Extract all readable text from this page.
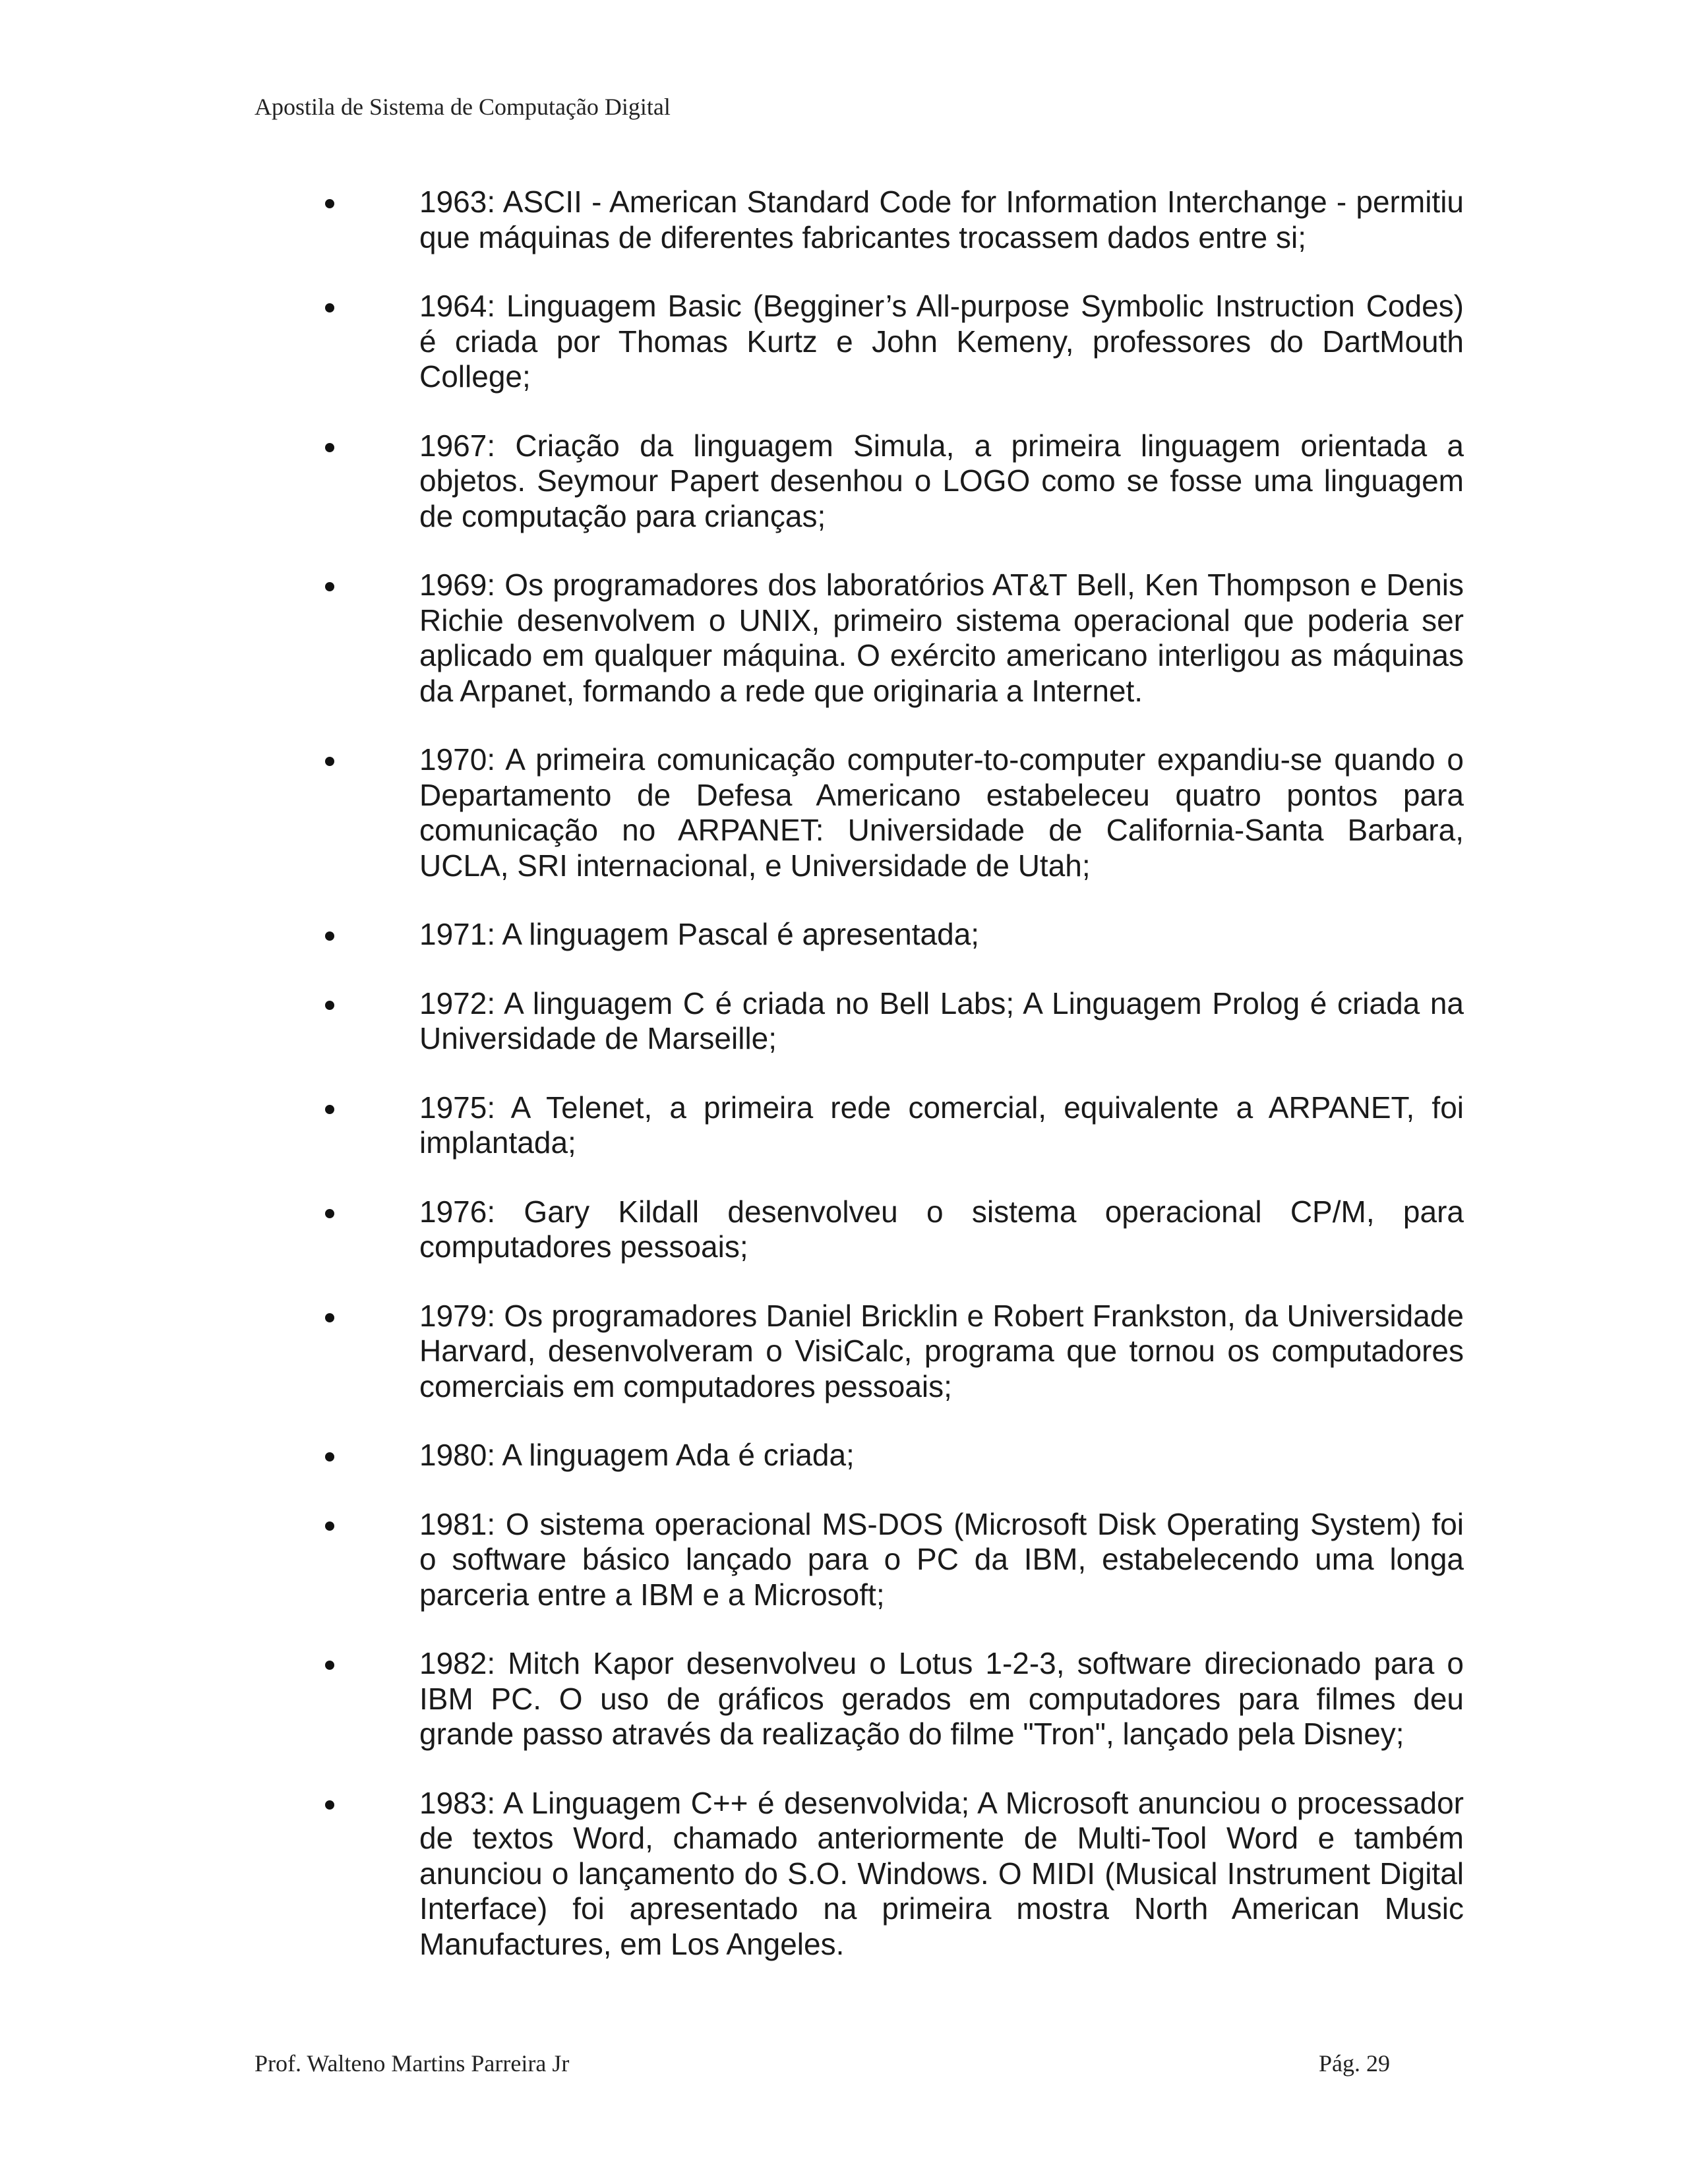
Apostila de Sistema de Computação Digital
1963: ASCII - American Standard Code for Information Interchange - permitiu que máquinas de diferentes fabricantes trocassem dados entre si;
1964: Linguagem Basic (Begginer’s All-purpose Symbolic Instruction Codes) é criada por Thomas Kurtz e John Kemeny, professores do DartMouth College;
1967: Criação da linguagem Simula, a primeira linguagem orientada a objetos. Seymour Papert desenhou o LOGO como se fosse uma linguagem de computação para crianças;
1969: Os programadores dos laboratórios AT&T Bell, Ken Thompson e Denis Richie desenvolvem o UNIX, primeiro sistema operacional que poderia ser aplicado em qualquer máquina. O exército americano interligou as máquinas da Arpanet, formando a rede que originaria a Internet.
1970: A primeira comunicação computer-to-computer expandiu-se quando o Departamento de Defesa Americano estabeleceu quatro pontos para comunicação no ARPANET: Universidade de California-Santa Barbara, UCLA, SRI internacional, e Universidade de Utah;
1971: A linguagem Pascal é apresentada;
1972: A linguagem C é criada no Bell Labs; A Linguagem Prolog é criada na Universidade de Marseille;
1975: A Telenet, a primeira rede comercial, equivalente a ARPANET, foi implantada;
1976: Gary Kildall desenvolveu o sistema operacional CP/M, para computadores pessoais;
1979: Os programadores Daniel Bricklin e Robert Frankston, da Universidade Harvard, desenvolveram o VisiCalc, programa que tornou os computadores comerciais em computadores pessoais;
1980: A linguagem Ada é criada;
1981: O sistema operacional MS-DOS (Microsoft Disk Operating System) foi o software básico lançado para o PC da IBM, estabelecendo uma longa parceria entre a IBM e a Microsoft;
1982: Mitch Kapor desenvolveu o Lotus 1-2-3, software direcionado para o IBM PC. O uso de gráficos gerados em computadores para filmes deu grande passo através da realização do filme "Tron", lançado pela Disney;
1983: A Linguagem C++ é desenvolvida; A Microsoft anunciou o processador de textos Word, chamado anteriormente de Multi-Tool Word e também anunciou o lançamento do S.O. Windows. O MIDI (Musical Instrument Digital Interface) foi apresentado na primeira mostra North American Music Manufactures, em Los Angeles.
Prof. Walteno Martins Parreira Jr	Pág. 29
